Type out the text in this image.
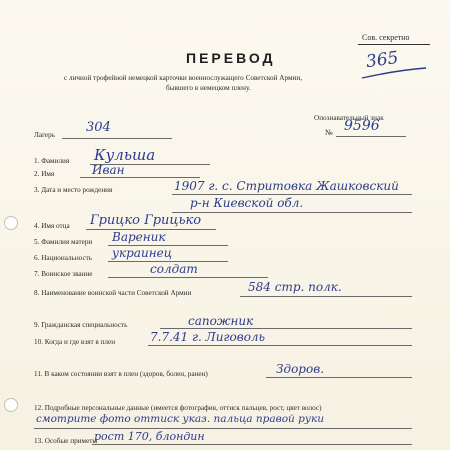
Сов. секретно
365
ПЕРЕВОД
с личной трофейной немецкой карточки военнослужащего Советской Армии,
бывшего в немецком плену.
Лагерь 304
Опознавательный знак
№ 9596
1. Фамилия Кульша
2. Имя	Иван
3. Дата и место рождения	1907 г. с. Стритовка Жашковский
р-н Киевской обл.
4. Имя отца Грицко Грицько
5. Фамилия матери Вареник
6. Национальность украинец
7. Воинское звание	солдат
8. Наименование воинской части Советской Армии	584 стр. полк.
9. Гражданская специальность	сапожник
10. Когда и где взят в плен	7.7.41 г. Лиговоль
11. В каком состоянии взят в плен (здоров, болен, ранен)	Здоров.
12. Подробные персональные данные (имеется фотография, оттиск пальцев, рост, цвет волос)
смотрите фото оттиск указ. пальца правой руки
13. Особые приметы
рост 170, блондин
